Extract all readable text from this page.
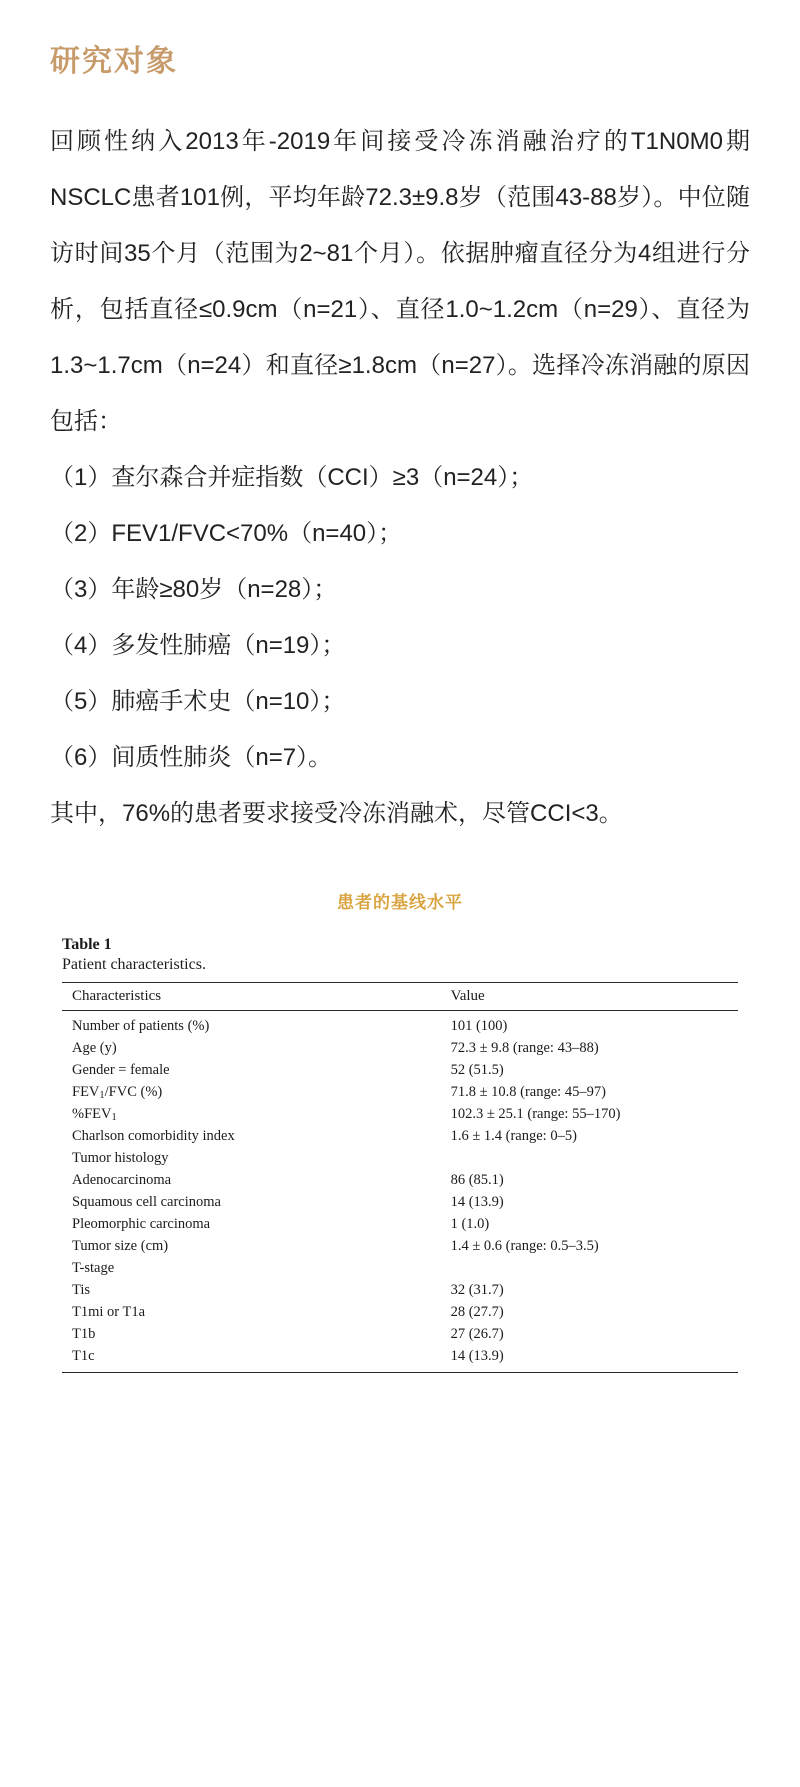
研究对象

回顾性纳入2013年-2019年间接受冷冻消融治疗的T1N0M0期NSCLC患者101例，平均年龄72.3±9.8岁（范围43-88岁）。中位随访时间35个月（范围为2~81个月）。依据肿瘤直径分为4组进行分析，包括直径≤0.9cm（n=21）、直径1.0~1.2cm（n=29）、直径为1.3~1.7cm（n=24）和直径≥1.8cm（n=27）。选择冷冻消融的原因包括：

（1）查尔森合并症指数（CCI）≥3（n=24）；

（2）FEV1/FVC<70%（n=40）；

（3）年龄≥80岁（n=28）；

（4）多发性肺癌（n=19）；

（5）肺癌手术史（n=10）；

（6）间质性肺炎（n=7）。

其中，76%的患者要求接受冷冻消融术，尽管CCI<3。

患者的基线水平
Table 1
Patient characteristics.
Characteristics	Value
Number of patients (%)	101 (100)
Age (y)	72.3 ± 9.8 (range: 43–88)
Gender = female	52 (51.5)
$FEV_1$/FVC (%)	71.8 ± 10.8 (range: 45–97)
$\%FEV_1$	102.3 ± 25.1 (range: 55–170)
Charlson comorbidity index	1.6 ± 1.4 (range: 0–5)
Tumor histology	
Adenocarcinoma	86 (85.1)
Squamous cell carcinoma	14 (13.9)
Pleomorphic carcinoma	1 (1.0)
Tumor size (cm)	1.4 ± 0.6 (range: 0.5–3.5)
T-stage	
Tis	32 (31.7)
T1mi or T1a	28 (27.7)
T1b	27 (26.7)
T1c	14 (13.9)
